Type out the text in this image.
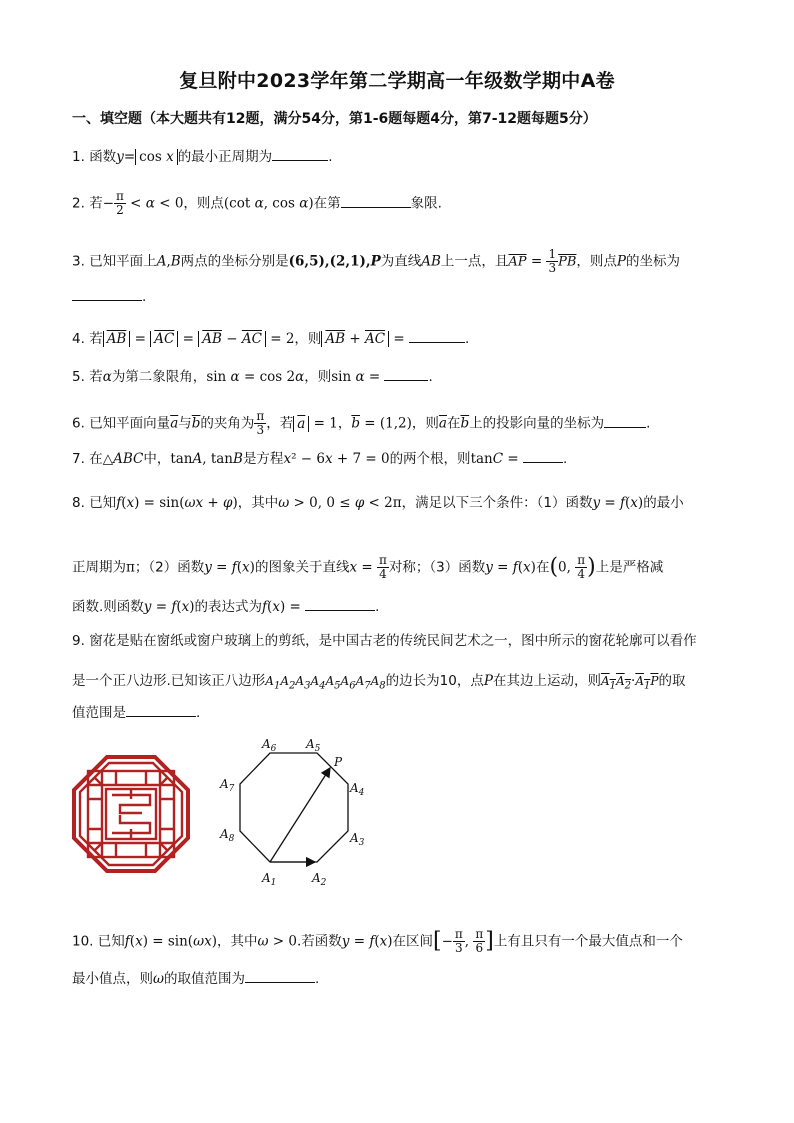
复旦附中2023学年第二学期高一年级数学期中A卷
一、填空题（本大题共有12题，满分54分，第1-6题每题4分，第7-12题每题5分）
1. 函数y= cos x 的最小正周期为	.
2. 若− $\frac{\pi}{2} < \alpha < 0$，则点(cot α, cos α)在第	象限.
3. 已知平面上A,B两点的坐标分别是(6,5),(2,1),P为直线AB上一点，且$\overline{AP} = \frac{1}{3} \overline{PB}$，则点P的坐标为
.
4. 若 $\overline{AB} = \overline{AC} = \overline{AB} - \overline{AC} = 2$，则 $\overline{AB} + \overline{AC}$ =	.
5. 若α为第二象限角，sin α = cos 2α，则sin α =	.
6. 已知平面向量$\overline{a}$与$\overline{b}$的夹角为 $\frac{\pi}{3}$ ，若 $\overline{a} = 1$，$\overline{b} = (1,2)$，则$\overline{a}$在$\overline{b}$上的投影向量的坐标为	.
7. 在△ABC中，tanA, tanB是方程x² − 6x + 7 = 0的两个根，则tanC =	.
8. 已知f(x) = sin(ωx + φ)，其中ω > 0, 0 ≤ φ < 2π，满足以下三个条件：（1）函数y = f(x)的最小
正周期为π；（2）函数y = f(x)的图象关于直线$x = \frac{\pi}{4}$ 对称；（3）函数y = f(x)在(0, $\frac{\pi}{4}$ )上是严格减
函数.则函数y = f(x)的表达式为f(x) =	.
9. 窗花是贴在窗纸或窗户玻璃上的剪纸，是中国古老的传统民间艺术之一，图中所示的窗花轮廓可以看作
是一个正八边形.已知该正八边形$A_1A_2A_3A_4A_5A_6A_7A_8$的边长为10，点P在其边上运动，则$A_1A_2\cdot A_1P$的取
值范围是	.
$A_1$	$A_2$
$A_3$
$A_4$
$A_5$
$A_6$
$A_7$
$A_8$
P
10. 已知f(x) = sin(ωx)，其中ω > 0.若函数y = f(x)在区间[− $\frac{\pi}{3}$ , $\frac{\pi}{6}$ ]上有且只有一个最大值点和一个
最小值点，则ω的取值范围为	.
